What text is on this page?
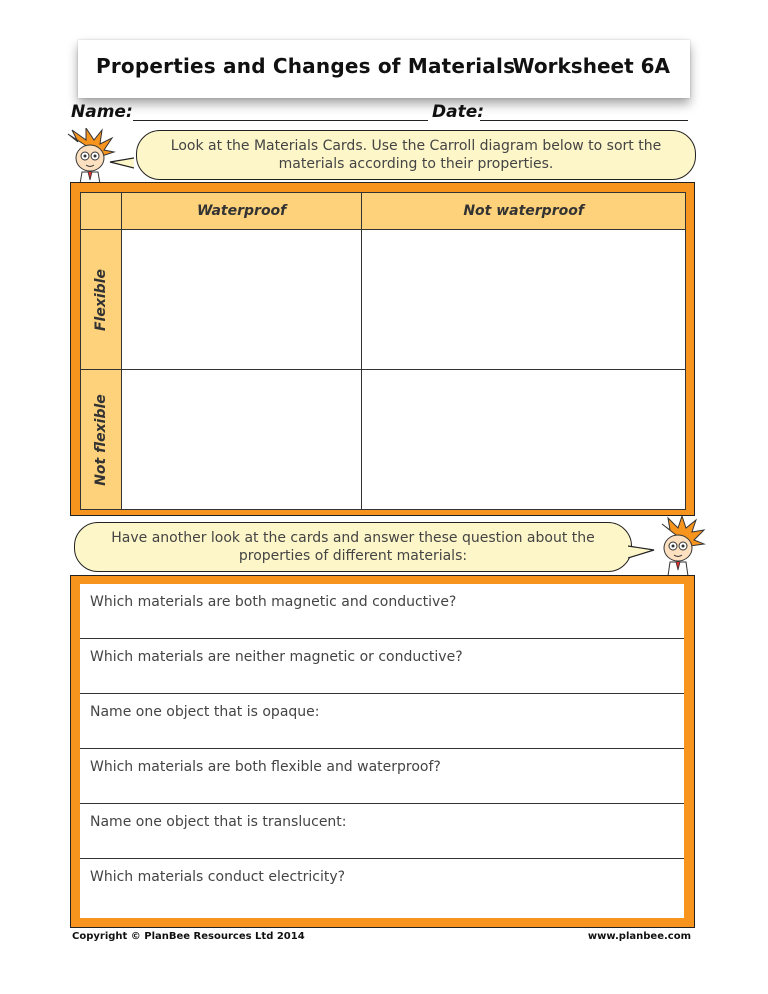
Properties and Changes of Materials
Worksheet 6A
Name:	Date:
Look at the Materials Cards. Use the Carroll diagram below to sort the materials according to their properties.
	Waterproof	Not waterproof

Flexible		

Not flexible		

Have another look at the cards and answer these question about the properties of different materials:
Which materials are both magnetic and conductive?
Which materials are neither magnetic or conductive?
Name one object that is opaque:
Which materials are both flexible and waterproof?
Name one object that is translucent:
Which materials conduct electricity?
Copyright © PlanBee Resources Ltd 2014	www.planbee.com
